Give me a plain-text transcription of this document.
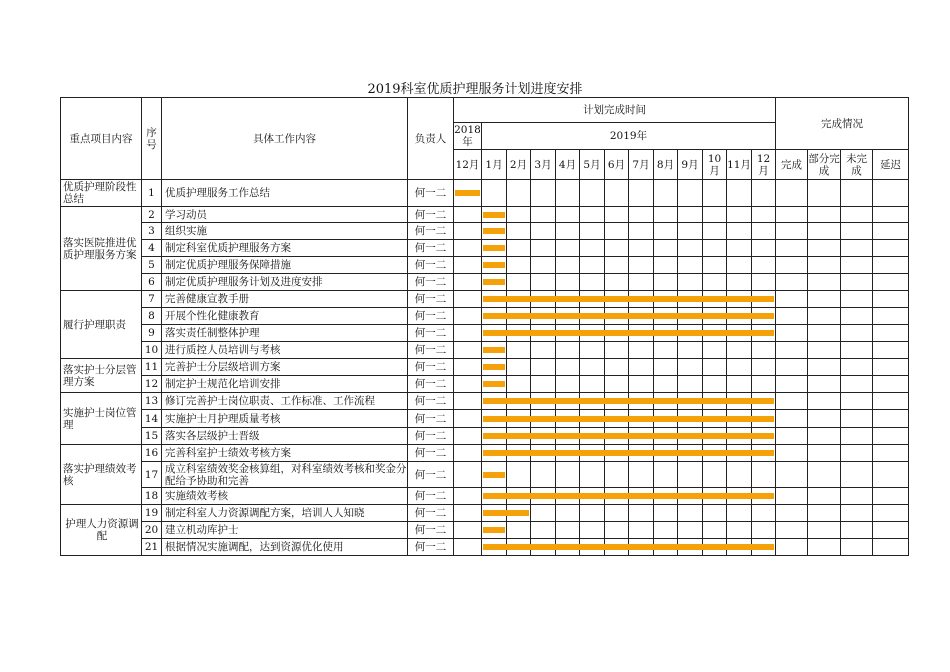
2019科室优质护理服务计划进度安排
重点项目内容	序号	具体工作内容	负责人	计划完成时间													完成情况			
				2018年	2019年															
				12月	1月	2月	3月	4月	5月	6月	7月	8月	9月	10月	11月	12月	完成	部分完成	未完成	延迟
优质护理阶段性总结	1	优质护理服务工作总结	何一二	

落实医院推进优质护理服务方案	2	学习动员	何一二		

	3	组织实施	何一二		

	4	制定科室优质护理服务方案	何一二		

	5	制定优质护理服务保障措施	何一二		

	6	制定优质护理服务计划及进度安排	何一二		

履行护理职责	7	完善健康宣教手册	何一二		

	8	开展个性化健康教育	何一二		

	9	落实责任制整体护理	何一二		

	10	进行质控人员培训与考核	何一二		

落实护士分层管理方案	11	完善护士分层级培训方案	何一二		

	12	制定护士规范化培训安排	何一二		

实施护士岗位管理	13	修订完善护士岗位职责、工作标准、工作流程	何一二		

	14	实施护士月护理质量考核	何一二		

	15	落实各层级护士晋级	何一二		

落实护理绩效考核	16	完善科室护士绩效考核方案	何一二		

	17	成立科室绩效奖金核算组，对科室绩效考核和奖金分配给予协助和完善	何一二		

	18	实施绩效考核	何一二		

护理人力资源调配	19	制定科室人力资源调配方案，培训人人知晓	何一二		

	20	建立机动库护士	何一二		

	21	根据情况实施调配，达到资源优化使用	何一二		
